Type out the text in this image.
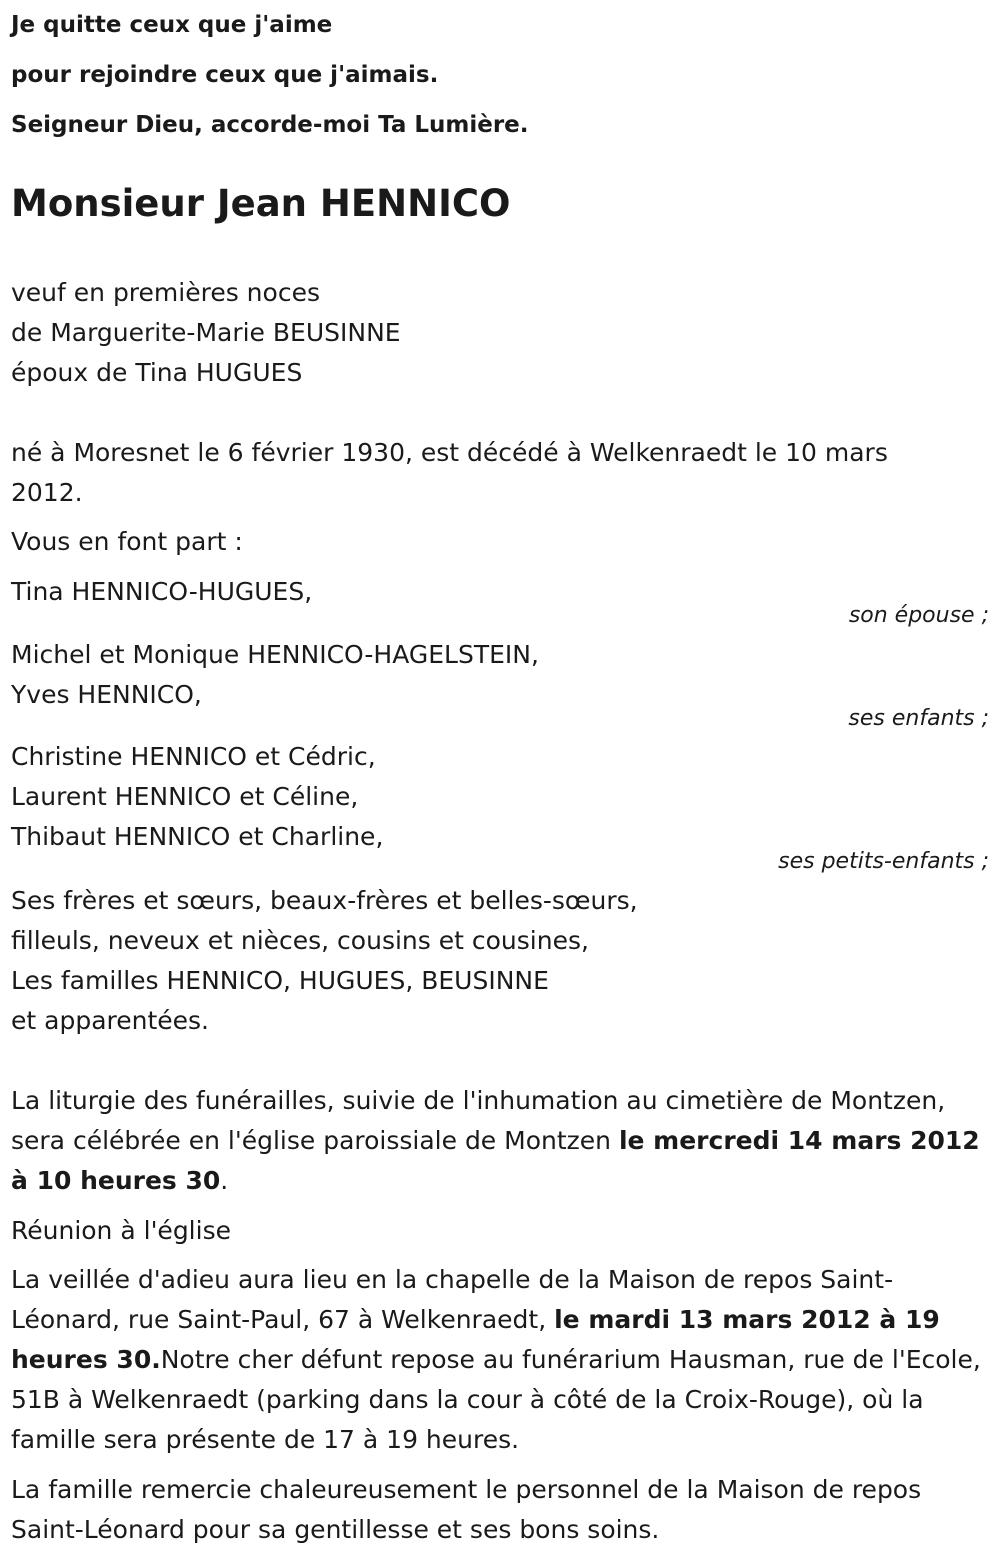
Je quitte ceux que j'aime

pour rejoindre ceux que j'aimais.

Seigneur Dieu, accorde-moi Ta Lumière.

Monsieur Jean HENNICO

veuf en premières noces

de Marguerite-Marie BEUSINNE

époux de Tina HUGUES

né à Moresnet le 6 février 1930, est décédé à Welkenraedt le 10 mars

2012.

Vous en font part :

Tina HENNICO-HUGUES,

son épouse ;

Michel et Monique HENNICO-HAGELSTEIN,

Yves HENNICO,

ses enfants ;

Christine HENNICO et Cédric,

Laurent HENNICO et Céline,

Thibaut HENNICO et Charline,

ses petits-enfants ;

Ses frères et sœurs, beaux-frères et belles-sœurs,

filleuls, neveux et nièces, cousins et cousines,

Les familles HENNICO, HUGUES, BEUSINNE

et apparentées.

La liturgie des funérailles, suivie de l'inhumation au cimetière de Montzen, sera célébrée en l'église paroissiale de Montzen le mercredi 14 mars 2012 à 10 heures 30.

Réunion à l'église

La veillée d'adieu aura lieu en la chapelle de la Maison de repos Saint-Léonard, rue Saint-Paul, 67 à Welkenraedt, le mardi 13 mars 2012 à 19 heures 30.Notre cher défunt repose au funérarium Hausman, rue de l'Ecole, 51B à Welkenraedt (parking dans la cour à côté de la Croix-Rouge), où la famille sera présente de 17 à 19 heures.

La famille remercie chaleureusement le personnel de la Maison de repos Saint-Léonard pour sa gentillesse et ses bons soins.
